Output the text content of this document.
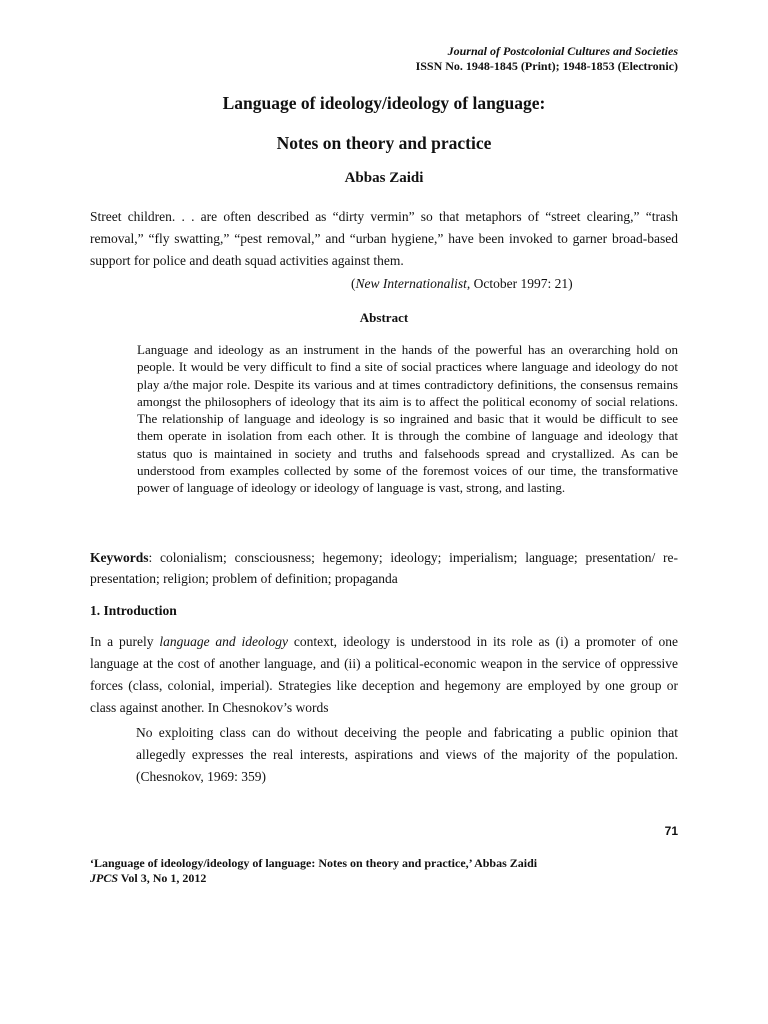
Journal of Postcolonial Cultures and Societies
ISSN No. 1948-1845 (Print); 1948-1853 (Electronic)
Language of ideology/ideology of language:
Notes on theory and practice
Abbas Zaidi
Street children. . . are often described as “dirty vermin” so that metaphors of “street clearing,” “trash removal,” “fly swatting,” “pest removal,” and “urban hygiene,” have been invoked to garner broad-based support for police and death squad activities against them.
(New Internationalist, October 1997: 21)
Abstract
Language and ideology as an instrument in the hands of the powerful has an overarching hold on people. It would be very difficult to find a site of social practices where language and ideology do not play a/the major role. Despite its various and at times contradictory definitions, the consensus remains amongst the philosophers of ideology that its aim is to affect the political economy of social relations. The relationship of language and ideology is so ingrained and basic that it would be difficult to see them operate in isolation from each other. It is through the combine of language and ideology that status quo is maintained in society and truths and falsehoods spread and crystallized. As can be understood from examples collected by some of the foremost voices of our time, the transformative power of language of ideology or ideology of language is vast, strong, and lasting.
Keywords: colonialism; consciousness; hegemony; ideology; imperialism; language; presentation/ re-presentation; religion; problem of definition; propaganda
1. Introduction
In a purely language and ideology context, ideology is understood in its role as (i) a promoter of one language at the cost of another language, and (ii) a political-economic weapon in the service of oppressive forces (class, colonial, imperial). Strategies like deception and hegemony are employed by one group or class against another. In Chesnokov’s words
No exploiting class can do without deceiving the people and fabricating a public opinion that allegedly expresses the real interests, aspirations and views of the majority of the population. (Chesnokov, 1969: 359)
71
‘Language of ideology/ideology of language: Notes on theory and practice,’ Abbas Zaidi
JPCS Vol 3, No 1, 2012
